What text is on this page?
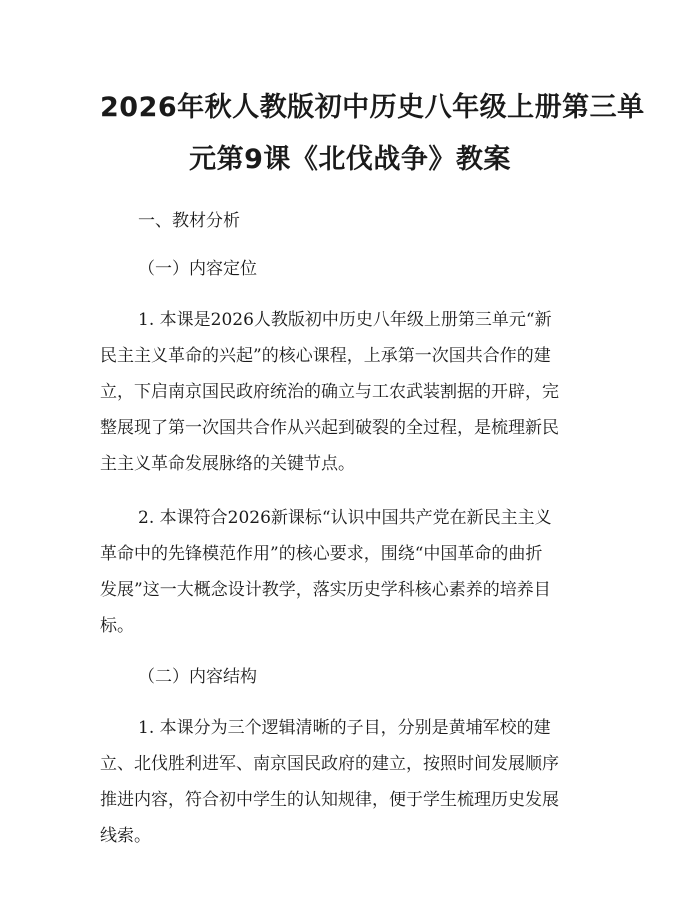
2026年秋人教版初中历史八年级上册第三单
元第9课《北伐战争》教案

一、教材分析

（一）内容定位

1. 本课是2026人教版初中历史八年级上册第三单元“新
民主主义革命的兴起”的核心课程，上承第一次国共合作的建
立，下启南京国民政府统治的确立与工农武装割据的开辟，完
整展现了第一次国共合作从兴起到破裂的全过程，是梳理新民
主主义革命发展脉络的关键节点。

2. 本课符合2026新课标“认识中国共产党在新民主主义
革命中的先锋模范作用”的核心要求，围绕“中国革命的曲折
发展”这一大概念设计教学，落实历史学科核心素养的培养目
标。

（二）内容结构

1. 本课分为三个逻辑清晰的子目，分别是黄埔军校的建
立、北伐胜利进军、南京国民政府的建立，按照时间发展顺序
推进内容，符合初中学生的认知规律，便于学生梳理历史发展
线索。
